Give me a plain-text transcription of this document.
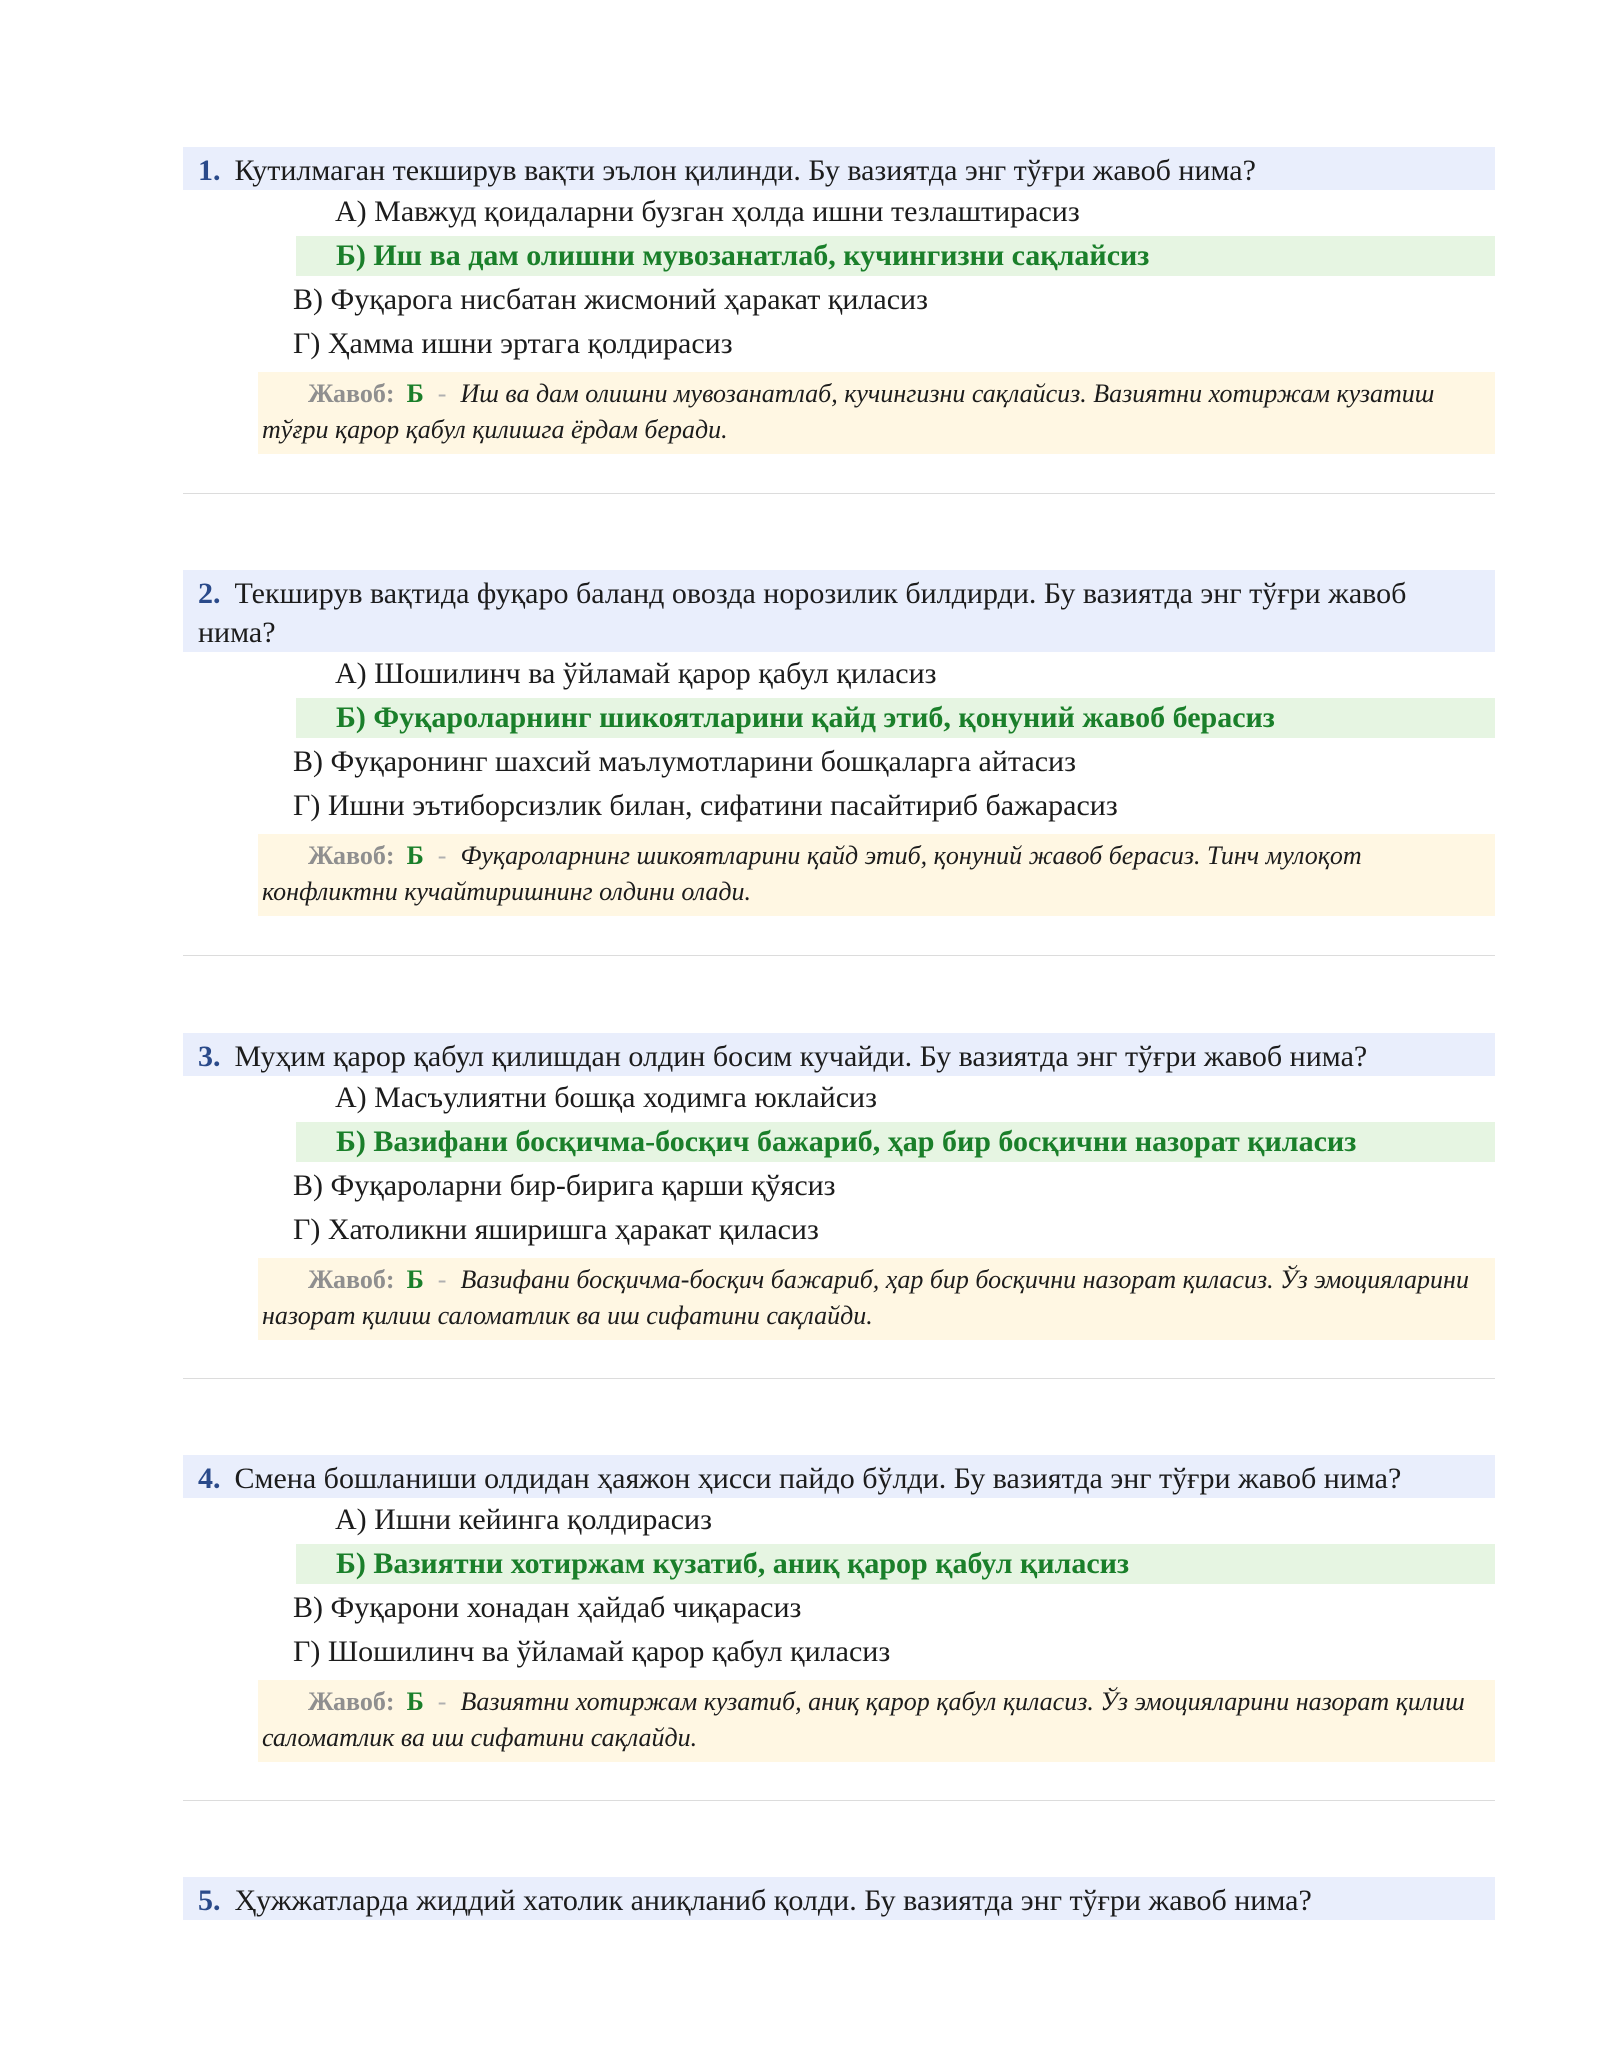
1. Кутилмаган текширув вақти эълон қилинди. Бу вазиятда энг тўғри жавоб нима?
А) Мавжуд қоидаларни бузган ҳолда ишни тезлаштирасиз
Б) Иш ва дам олишни мувозанатлаб, кучингизни сақлайсиз
В) Фуқарога нисбатан жисмоний ҳаракат қиласиз
Г) Ҳамма ишни эртага қолдирасиз
Жавоб: Б - Иш ва дам олишни мувозанатлаб, кучингизни сақлайсиз. Вазиятни хотиржам кузатиш тўғри қарор қабул қилишга ёрдам беради.
2. Текширув вақтида фуқаро баланд овозда норозилик билдирди. Бу вазиятда энг тўғри жавоб нима?
А) Шошилинч ва ўйламай қарор қабул қиласиз
Б) Фуқароларнинг шикоятларини қайд этиб, қонуний жавоб берасиз
В) Фуқаронинг шахсий маълумотларини бошқаларга айтасиз
Г) Ишни эътиборсизлик билан, сифатини пасайтириб бажарасиз
Жавоб: Б - Фуқароларнинг шикоятларини қайд этиб, қонуний жавоб берасиз. Тинч мулоқот конфликтни кучайтиришнинг олдини олади.
3. Муҳим қарор қабул қилишдан олдин босим кучайди. Бу вазиятда энг тўғри жавоб нима?
А) Масъулиятни бошқа ходимга юклайсиз
Б) Вазифани босқичма-босқич бажариб, ҳар бир босқични назорат қиласиз
В) Фуқароларни бир-бирига қарши қўясиз
Г) Хатоликни яширишга ҳаракат қиласиз
Жавоб: Б - Вазифани босқичма-босқич бажариб, ҳар бир босқични назорат қиласиз. Ўз эмоцияларини назорат қилиш саломатлик ва иш сифатини сақлайди.
4. Смена бошланиши олдидан ҳаяжон ҳисси пайдо бўлди. Бу вазиятда энг тўғри жавоб нима?
А) Ишни кейинга қолдирасиз
Б) Вазиятни хотиржам кузатиб, аниқ қарор қабул қиласиз
В) Фуқарони хонадан ҳайдаб чиқарасиз
Г) Шошилинч ва ўйламай қарор қабул қиласиз
Жавоб: Б - Вазиятни хотиржам кузатиб, аниқ қарор қабул қиласиз. Ўз эмоцияларини назорат қилиш саломатлик ва иш сифатини сақлайди.
5. Ҳужжатларда жиддий хатолик аниқланиб қолди. Бу вазиятда энг тўғри жавоб нима?
